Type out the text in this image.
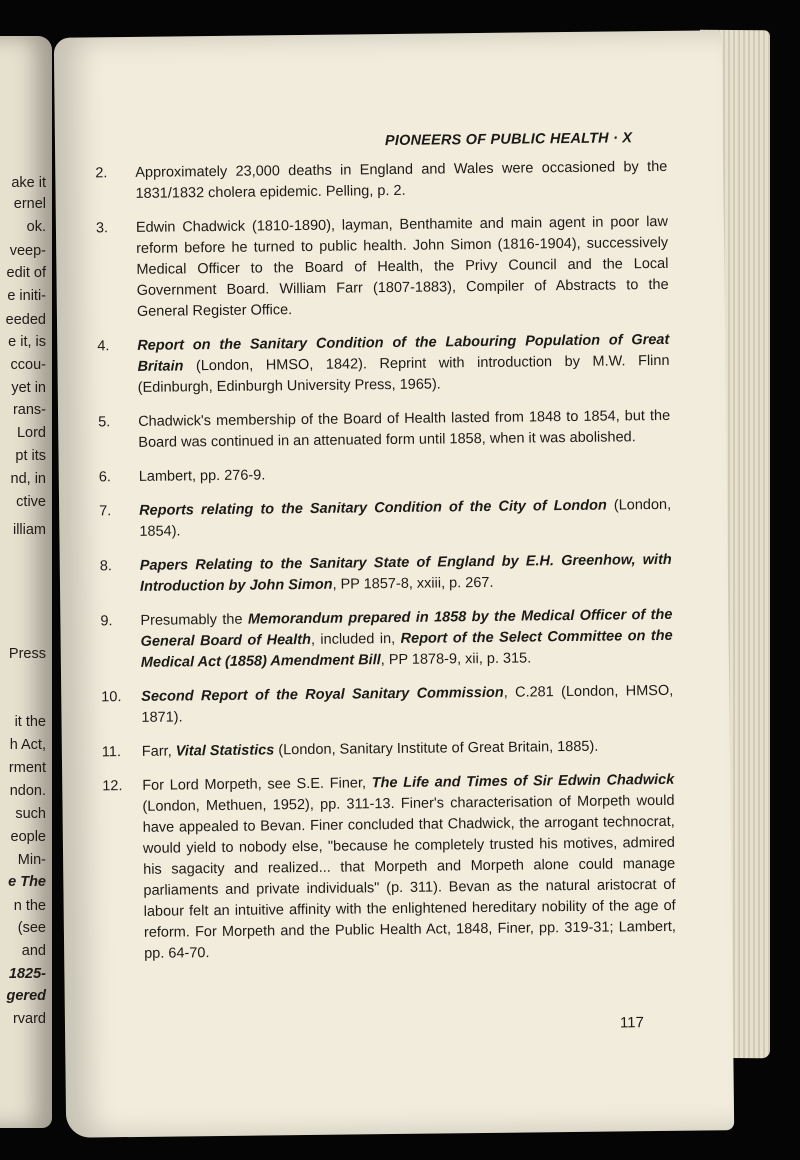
ake it
ernel
ok.
veep-
edit of
e initi-
eeded
e it, is
ccou-
yet in
rans-
Lord
pt its
nd, in
ctive
illiam
Press
it the
h Act,
rment
ndon.
such
eople
Min-
e The
n the
(see
and
1825-
gered
rvard
PIONEERS OF PUBLIC HEALTH · X
2.	Approximately 23,000 deaths in England and Wales were occasioned by the 1831/1832 cholera epidemic. Pelling, p. 2.
3.	Edwin Chadwick (1810-1890), layman, Benthamite and main agent in poor law reform before he turned to public health. John Simon (1816-1904), successively Medical Officer to the Board of Health, the Privy Council and the Local Government Board. William Farr (1807-1883), Compiler of Abstracts to the General Register Office.
4.	Report on the Sanitary Condition of the Labouring Population of Great Britain (London, HMSO, 1842). Reprint with introduction by M.W. Flinn (Edinburgh, Edinburgh University Press, 1965).
5.	Chadwick's membership of the Board of Health lasted from 1848 to 1854, but the Board was continued in an attenuated form until 1858, when it was abolished.
6.	Lambert, pp. 276-9.
7.	Reports relating to the Sanitary Condition of the City of London (London, 1854).
8.	Papers Relating to the Sanitary State of England by E.H. Greenhow, with Introduction by John Simon, PP 1857-8, xxiii, p. 267.
9.	Presumably the Memorandum prepared in 1858 by the Medical Officer of the General Board of Health, included in, Report of the Select Committee on the Medical Act (1858) Amendment Bill, PP 1878-9, xii, p. 315.
10.	Second Report of the Royal Sanitary Commission, C.281 (London, HMSO, 1871).
11.	Farr, Vital Statistics (London, Sanitary Institute of Great Britain, 1885).
12.	For Lord Morpeth, see S.E. Finer, The Life and Times of Sir Edwin Chadwick (London, Methuen, 1952), pp. 311-13. Finer's characterisation of Morpeth would have appealed to Bevan. Finer concluded that Chadwick, the arrogant technocrat, would yield to nobody else, "because he completely trusted his motives, admired his sagacity and realized... that Morpeth and Morpeth alone could manage parliaments and private individuals" (p. 311). Bevan as the natural aristocrat of labour felt an intuitive affinity with the enlightened hereditary nobility of the age of reform. For Morpeth and the Public Health Act, 1848, Finer, pp. 319-31; Lambert, pp. 64-70.
117
